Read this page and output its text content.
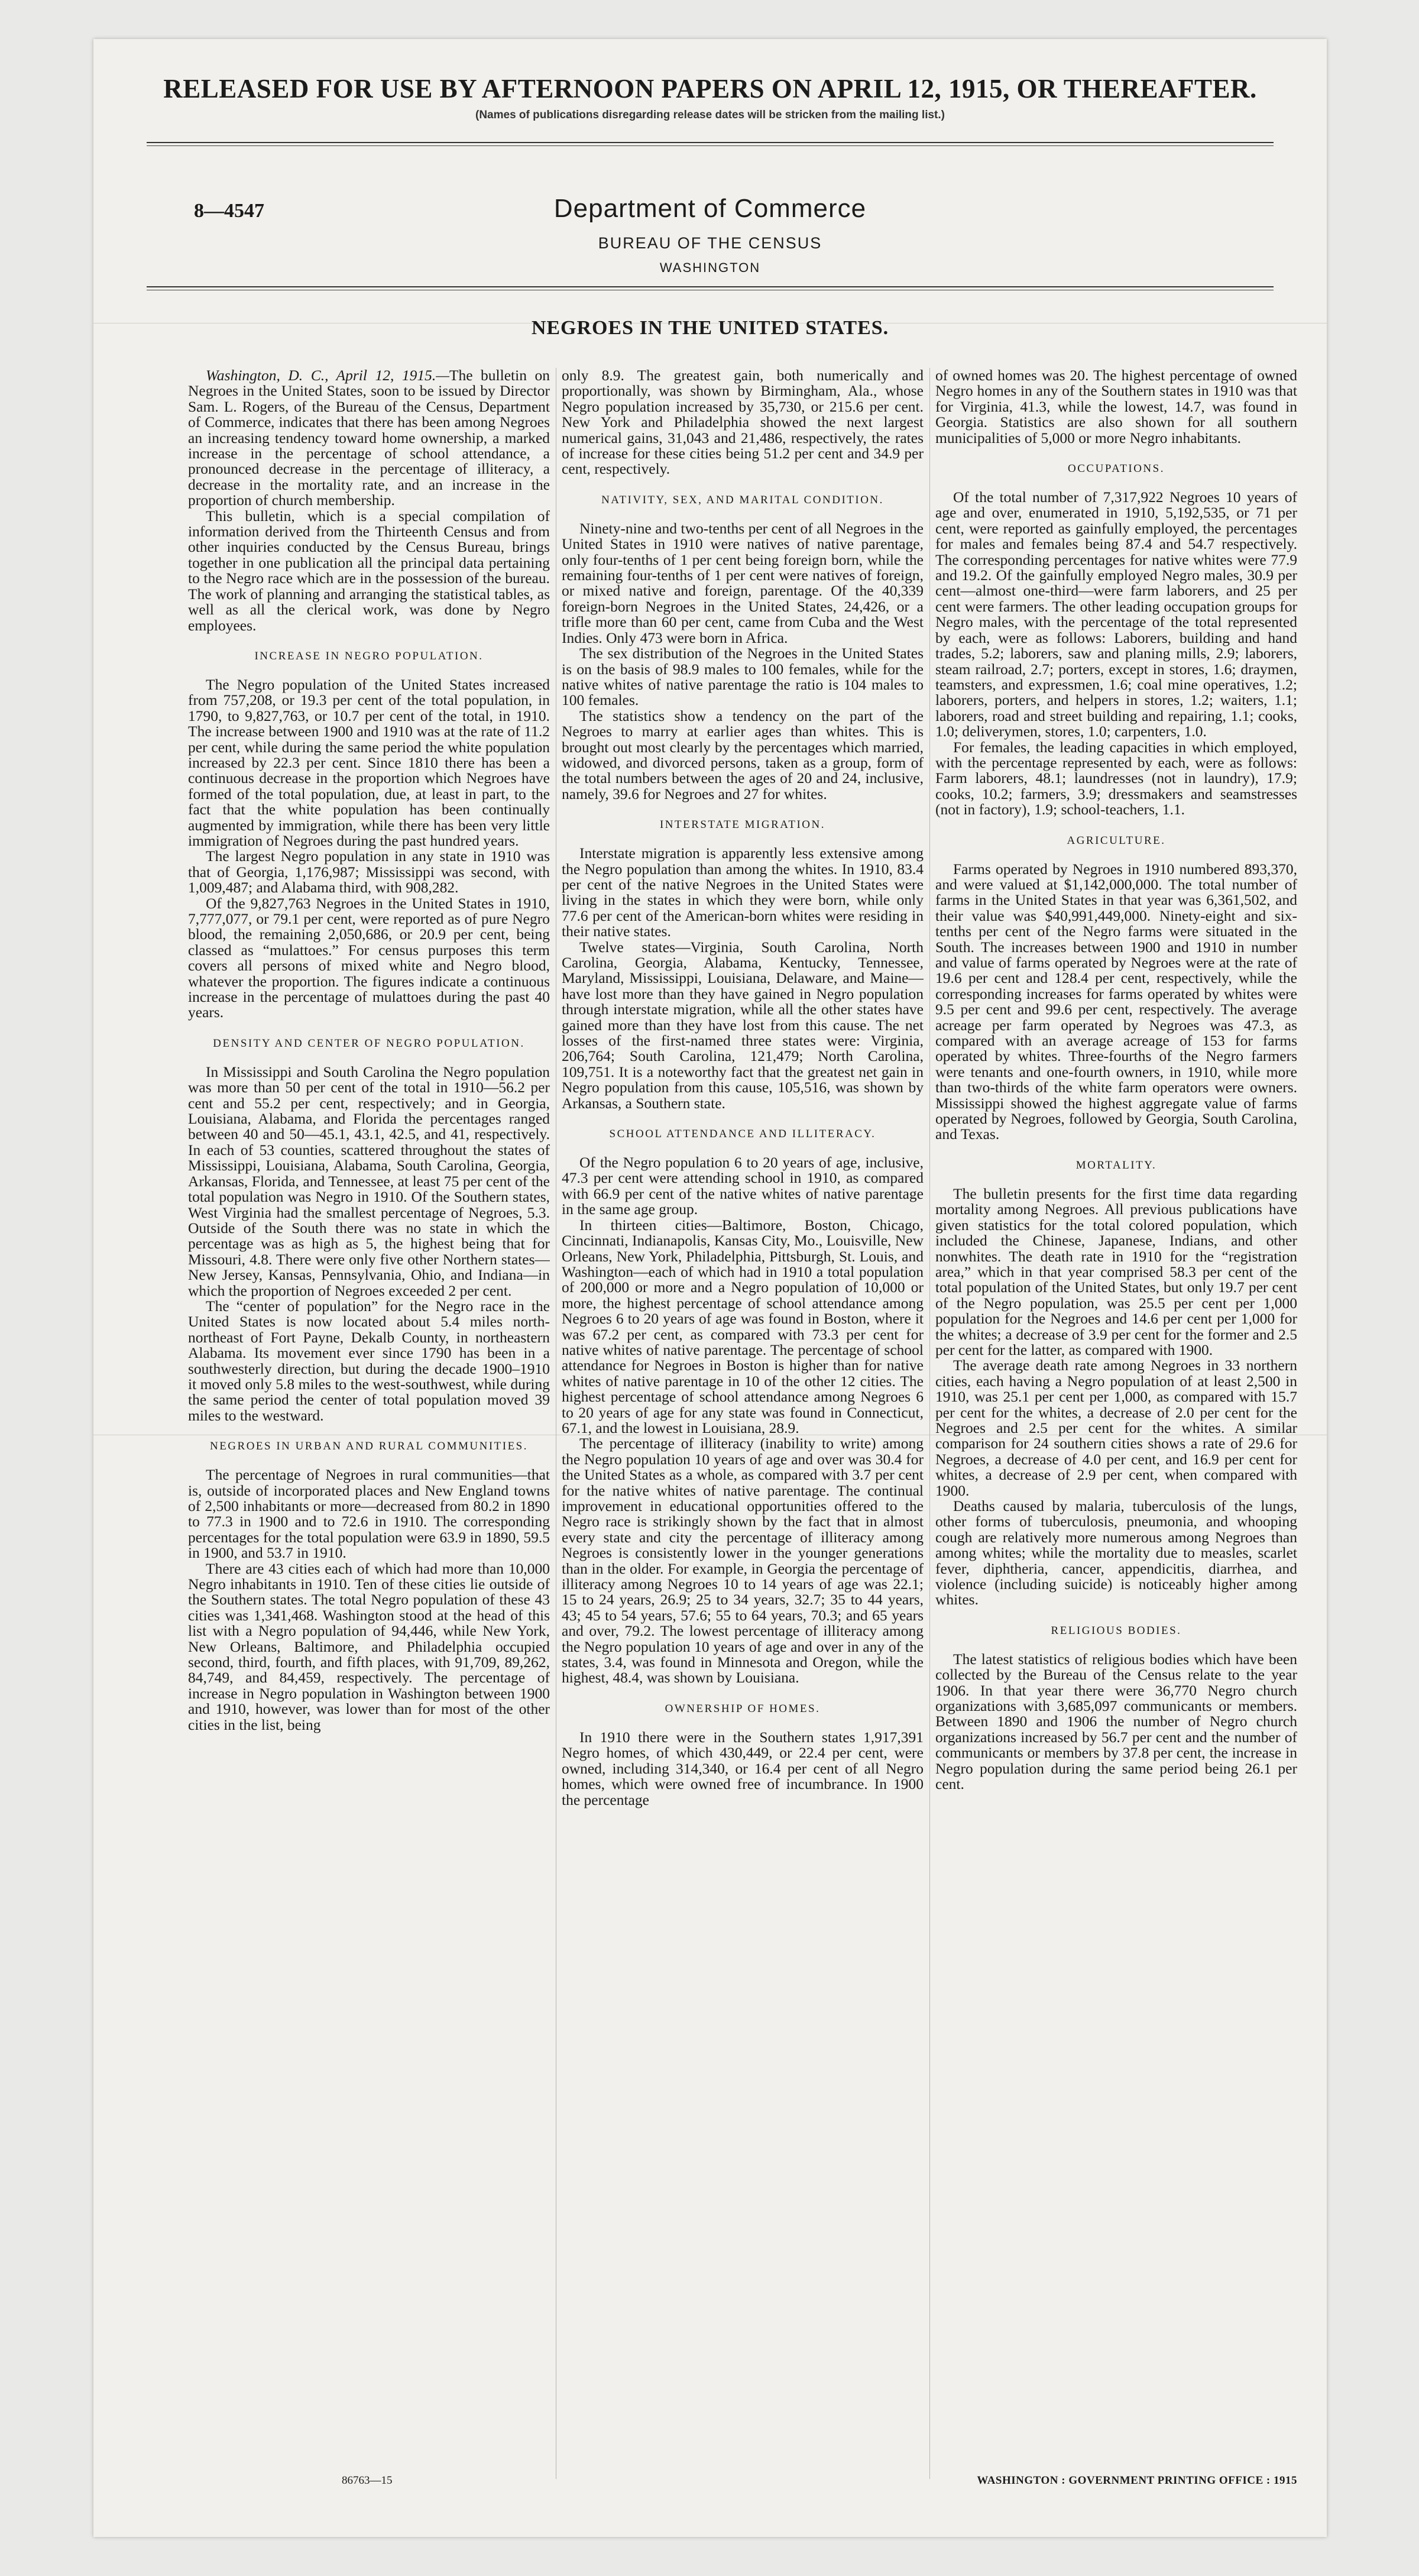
RELEASED FOR USE BY AFTERNOON PAPERS ON APRIL 12, 1915, OR THEREAFTER.
(Names of publications disregarding release dates will be stricken from the mailing list.)
8—4547	Department of Commerce
BUREAU OF THE CENSUS
WASHINGTON
NEGROES IN THE UNITED STATES.

Washington, D. C., April 12, 1915.—The bulletin on Negroes in the United States, soon to be issued by Director Sam. L. Rogers, of the Bureau of the Census, Department of Commerce, indicates that there has been among Negroes an increasing tendency toward home ownership, a marked increase in the percentage of school attendance, a pronounced decrease in the percentage of illiteracy, a decrease in the mortality rate, and an increase in the proportion of church membership.

This bulletin, which is a special compilation of information derived from the Thirteenth Census and from other inquiries conducted by the Census Bureau, brings together in one publication all the principal data pertaining to the Negro race which are in the possession of the bureau. The work of planning and arranging the statistical tables, as well as all the clerical work, was done by Negro employees.

INCREASE IN NEGRO POPULATION.

The Negro population of the United States increased from 757,208, or 19.3 per cent of the total population, in 1790, to 9,827,763, or 10.7 per cent of the total, in 1910. The increase between 1900 and 1910 was at the rate of 11.2 per cent, while during the same period the white population increased by 22.3 per cent. Since 1810 there has been a continuous decrease in the proportion which Negroes have formed of the total population, due, at least in part, to the fact that the white population has been continually augmented by immigration, while there has been very little immigration of Negroes during the past hundred years.

The largest Negro population in any state in 1910 was that of Georgia, 1,176,987; Mississippi was second, with 1,009,487; and Alabama third, with 908,282.

Of the 9,827,763 Negroes in the United States in 1910, 7,777,077, or 79.1 per cent, were reported as of pure Negro blood, the remaining 2,050,686, or 20.9 per cent, being classed as “mulattoes.” For census purposes this term covers all persons of mixed white and Negro blood, whatever the proportion. The figures indicate a continuous increase in the percentage of mulattoes during the past 40 years.

DENSITY AND CENTER OF NEGRO POPULATION.

In Mississippi and South Carolina the Negro population was more than 50 per cent of the total in 1910—56.2 per cent and 55.2 per cent, respectively; and in Georgia, Louisiana, Alabama, and Florida the percentages ranged between 40 and 50—45.1, 43.1, 42.5, and 41, respectively. In each of 53 counties, scattered throughout the states of Mississippi, Louisiana, Alabama, South Carolina, Georgia, Arkansas, Florida, and Tennessee, at least 75 per cent of the total population was Negro in 1910. Of the Southern states, West Virginia had the smallest percentage of Negroes, 5.3. Outside of the South there was no state in which the percentage was as high as 5, the highest being that for Missouri, 4.8. There were only five other Northern states—New Jersey, Kansas, Pennsylvania, Ohio, and Indiana—in which the proportion of Negroes exceeded 2 per cent.

The “center of population” for the Negro race in the United States is now located about 5.4 miles north-northeast of Fort Payne, Dekalb County, in northeastern Alabama. Its movement ever since 1790 has been in a southwesterly direction, but during the decade 1900–1910 it moved only 5.8 miles to the west-southwest, while during the same period the center of total population moved 39 miles to the westward.

NEGROES IN URBAN AND RURAL COMMUNITIES.

The percentage of Negroes in rural communities—that is, outside of incorporated places and New England towns of 2,500 inhabitants or more—decreased from 80.2 in 1890 to 77.3 in 1900 and to 72.6 in 1910. The corresponding percentages for the total population were 63.9 in 1890, 59.5 in 1900, and 53.7 in 1910.

There are 43 cities each of which had more than 10,000 Negro inhabitants in 1910. Ten of these cities lie outside of the Southern states. The total Negro population of these 43 cities was 1,341,468. Washington stood at the head of this list with a Negro population of 94,446, while New York, New Orleans, Baltimore, and Philadelphia occupied second, third, fourth, and fifth places, with 91,709, 89,262, 84,749, and 84,459, respectively. The percentage of increase in Negro population in Washington between 1900 and 1910, however, was lower than for most of the other cities in the list, being

only 8.9. The greatest gain, both numerically and proportionally, was shown by Birmingham, Ala., whose Negro population increased by 35,730, or 215.6 per cent. New York and Philadelphia showed the next largest numerical gains, 31,043 and 21,486, respectively, the rates of increase for these cities being 51.2 per cent and 34.9 per cent, respectively.

NATIVITY, SEX, AND MARITAL CONDITION.

Ninety-nine and two-tenths per cent of all Negroes in the United States in 1910 were natives of native parentage, only four-tenths of 1 per cent being foreign born, while the remaining four-tenths of 1 per cent were natives of foreign, or mixed native and foreign, parentage. Of the 40,339 foreign-born Negroes in the United States, 24,426, or a trifle more than 60 per cent, came from Cuba and the West Indies. Only 473 were born in Africa.

The sex distribution of the Negroes in the United States is on the basis of 98.9 males to 100 females, while for the native whites of native parentage the ratio is 104 males to 100 females.

The statistics show a tendency on the part of the Negroes to marry at earlier ages than whites. This is brought out most clearly by the percentages which married, widowed, and divorced persons, taken as a group, form of the total numbers between the ages of 20 and 24, inclusive, namely, 39.6 for Negroes and 27 for whites.

INTERSTATE MIGRATION.

Interstate migration is apparently less extensive among the Negro population than among the whites. In 1910, 83.4 per cent of the native Negroes in the United States were living in the states in which they were born, while only 77.6 per cent of the American-born whites were residing in their native states.

Twelve states—Virginia, South Carolina, North Carolina, Georgia, Alabama, Kentucky, Tennessee, Maryland, Mississippi, Louisiana, Delaware, and Maine—have lost more than they have gained in Negro population through interstate migration, while all the other states have gained more than they have lost from this cause. The net losses of the first-named three states were: Virginia, 206,764; South Carolina, 121,479; North Carolina, 109,751. It is a noteworthy fact that the greatest net gain in Negro population from this cause, 105,516, was shown by Arkansas, a Southern state.

SCHOOL ATTENDANCE AND ILLITERACY.

Of the Negro population 6 to 20 years of age, inclusive, 47.3 per cent were attending school in 1910, as compared with 66.9 per cent of the native whites of native parentage in the same age group.

In thirteen cities—Baltimore, Boston, Chicago, Cincinnati, Indianapolis, Kansas City, Mo., Louisville, New Orleans, New York, Philadelphia, Pittsburgh, St. Louis, and Washington—each of which had in 1910 a total population of 200,000 or more and a Negro population of 10,000 or more, the highest percentage of school attendance among Negroes 6 to 20 years of age was found in Boston, where it was 67.2 per cent, as compared with 73.3 per cent for native whites of native parentage. The percentage of school attendance for Negroes in Boston is higher than for native whites of native parentage in 10 of the other 12 cities. The highest percentage of school attendance among Negroes 6 to 20 years of age for any state was found in Connecticut, 67.1, and the lowest in Louisiana, 28.9.

The percentage of illiteracy (inability to write) among the Negro population 10 years of age and over was 30.4 for the United States as a whole, as compared with 3.7 per cent for the native whites of native parentage. The continual improvement in educational opportunities offered to the Negro race is strikingly shown by the fact that in almost every state and city the percentage of illiteracy among Negroes is consistently lower in the younger generations than in the older. For example, in Georgia the percentage of illiteracy among Negroes 10 to 14 years of age was 22.1; 15 to 24 years, 26.9; 25 to 34 years, 32.7; 35 to 44 years, 43; 45 to 54 years, 57.6; 55 to 64 years, 70.3; and 65 years and over, 79.2. The lowest percentage of illiteracy among the Negro population 10 years of age and over in any of the states, 3.4, was found in Minnesota and Oregon, while the highest, 48.4, was shown by Louisiana.

OWNERSHIP OF HOMES.

In 1910 there were in the Southern states 1,917,391 Negro homes, of which 430,449, or 22.4 per cent, were owned, including 314,340, or 16.4 per cent of all Negro homes, which were owned free of incumbrance. In 1900 the percentage

of owned homes was 20. The highest percentage of owned Negro homes in any of the Southern states in 1910 was that for Virginia, 41.3, while the lowest, 14.7, was found in Georgia. Statistics are also shown for all southern municipalities of 5,000 or more Negro inhabitants.

OCCUPATIONS.

Of the total number of 7,317,922 Negroes 10 years of age and over, enumerated in 1910, 5,192,535, or 71 per cent, were reported as gainfully employed, the percentages for males and females being 87.4 and 54.7 respectively. The corresponding percentages for native whites were 77.9 and 19.2. Of the gainfully employed Negro males, 30.9 per cent—almost one-third—were farm laborers, and 25 per cent were farmers. The other leading occupation groups for Negro males, with the percentage of the total represented by each, were as follows: Laborers, building and hand trades, 5.2; laborers, saw and planing mills, 2.9; laborers, steam railroad, 2.7; porters, except in stores, 1.6; draymen, teamsters, and expressmen, 1.6; coal mine operatives, 1.2; laborers, porters, and helpers in stores, 1.2; waiters, 1.1; laborers, road and street building and repairing, 1.1; cooks, 1.0; deliverymen, stores, 1.0; carpenters, 1.0.

For females, the leading capacities in which employed, with the percentage represented by each, were as follows: Farm laborers, 48.1; laundresses (not in laundry), 17.9; cooks, 10.2; farmers, 3.9; dressmakers and seamstresses (not in factory), 1.9; school-teachers, 1.1.

AGRICULTURE.

Farms operated by Negroes in 1910 numbered 893,370, and were valued at $1,142,000,000. The total number of farms in the United States in that year was 6,361,502, and their value was $40,991,449,000. Ninety-eight and six-tenths per cent of the Negro farms were situated in the South. The increases between 1900 and 1910 in number and value of farms operated by Negroes were at the rate of 19.6 per cent and 128.4 per cent, respectively, while the corresponding increases for farms operated by whites were 9.5 per cent and 99.6 per cent, respectively. The average acreage per farm operated by Negroes was 47.3, as compared with an average acreage of 153 for farms operated by whites. Three-fourths of the Negro farmers were tenants and one-fourth owners, in 1910, while more than two-thirds of the white farm operators were owners. Mississippi showed the highest aggregate value of farms operated by Negroes, followed by Georgia, South Carolina, and Texas.

MORTALITY.

The bulletin presents for the first time data regarding mortality among Negroes. All previous publications have given statistics for the total colored population, which included the Chinese, Japanese, Indians, and other nonwhites. The death rate in 1910 for the “registration area,” which in that year comprised 58.3 per cent of the total population of the United States, but only 19.7 per cent of the Negro population, was 25.5 per cent per 1,000 population for the Negroes and 14.6 per cent per 1,000 for the whites; a decrease of 3.9 per cent for the former and 2.5 per cent for the latter, as compared with 1900.

The average death rate among Negroes in 33 northern cities, each having a Negro population of at least 2,500 in 1910, was 25.1 per cent per 1,000, as compared with 15.7 per cent for the whites, a decrease of 2.0 per cent for the Negroes and 2.5 per cent for the whites. A similar comparison for 24 southern cities shows a rate of 29.6 for Negroes, a decrease of 4.0 per cent, and 16.9 per cent for whites, a decrease of 2.9 per cent, when compared with 1900.

Deaths caused by malaria, tuberculosis of the lungs, other forms of tuberculosis, pneumonia, and whooping cough are relatively more numerous among Negroes than among whites; while the mortality due to measles, scarlet fever, diphtheria, cancer, appendicitis, diarrhea, and violence (including suicide) is noticeably higher among whites.

RELIGIOUS BODIES.

The latest statistics of religious bodies which have been collected by the Bureau of the Census relate to the year 1906. In that year there were 36,770 Negro church organizations with 3,685,097 communicants or members. Between 1890 and 1906 the number of Negro church organizations increased by 56.7 per cent and the number of communicants or members by 37.8 per cent, the increase in Negro population during the same period being 26.1 per cent.

86763—15	WASHINGTON : GOVERNMENT PRINTING OFFICE : 1915
